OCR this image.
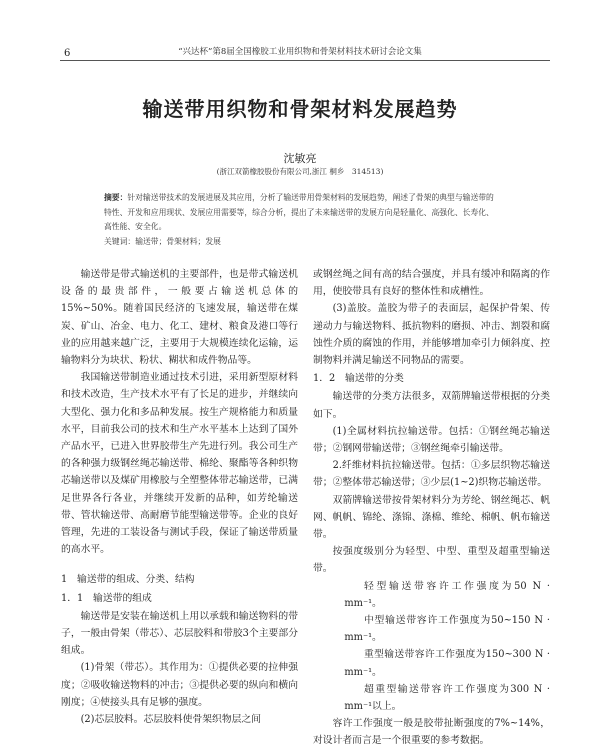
6	“兴达杯”第8届全国橡胶工业用织物和骨架材料技术研讨会论文集
输送带用织物和骨架材料发展趋势
沈敏亮
(浙江双箭橡胶股份有限公司,浙江 桐乡　314513)
摘要：针对输送带技术的发展进展及其应用，分析了输送带用骨架材料的发展趋势，阐述了骨架的典型与输送带的特性、开发和应用现状、发展应用需要等，综合分析，提出了未来输送带的发展方向是轻量化、高强化、长寿化、高性能、安全化。
关键词：输送带；骨架材料；发展

输送带是带式输送机的主要部件，也是带式输送机设备的最贵部件，一般要占输送机总体的15%~50%。随着国民经济的飞速发展，输送带在煤炭、矿山、冶金、电力、化工、建材、粮食及港口等行业的应用越来越广泛，主要用于大规模连续化运输，运输物料分为块状、粉状、糊状和成件物品等。

我国输送带制造业通过技术引进，采用新型原材料和技术改造，生产技术水平有了长足的进步，并继续向大型化、强力化和多品种发展。按生产规格能力和质量水平，目前我公司的技术和生产水平基本上达到了国外产品水平，已进入世界胶带生产先进行列。我公司生产的各种强力级钢丝绳芯输送带、棉纶、聚酯等各种织物芯输送带以及煤矿用橡胶与全塑整体带芯输送带，已满足世界各行各业，并继续开发新的品种，如芳纶输送带、管状输送带、高耐磨节能型输送带等。企业的良好管理，先进的工装设备与测试手段，保证了输送带质量的高水平。

1　输送带的组成、分类、结构
1．1　输送带的组成

输送带是安装在输送机上用以承载和输送物料的带子，一般由骨架（带芯）、芯层胶料和带胶3个主要部分组成。

(1)骨架（带芯）。其作用为：①提供必要的拉伸强度；②吸收输送物料的冲击；③提供必要的纵向和横向刚度；④使接头具有足够的强度。

(2)芯层胶料。芯层胶料使骨架织物层之间

或钢丝绳之间有高的结合强度，并具有缓冲和隔离的作用，使胶带具有良好的整体性和成槽性。

(3)盖胶。盖胶为带子的表面层，起保护骨架、传递动力与输送物料、抵抗物料的磨损、冲击、割裂和腐蚀性介质的腐蚀的作用，并能够增加牵引力倾斜度、控制物料并满足输送不同物品的需要。

1．2　输送带的分类

输送带的分类方法很多，双箭牌输送带根据的分类如下。

(1)全属材料抗拉输送带。包括：①钢丝绳芯输送带；②钢网带输送带；③钢丝绳牵引输送带。

2.纤维材料抗拉输送带。包括：①多层织物芯输送带；②整体带芯输送带；③少层(1~2)织物芯输送带。

双箭牌输送带按骨架材料分为芳纶、钢丝绳芯、帆网、帆帆、锦纶、涤锦、涤棉、维纶、棉帆、帆布输送带。

按强度级别分为轻型、中型、重型及超重型输送带。

轻型输送带容许工作强度为50 N · mm⁻¹。

中型输送带容许工作强度为50~150 N · mm⁻¹。

重型输送带容许工作强度为150~300 N · mm⁻¹。

超重型输送带容许工作强度为300 N · mm⁻¹以上。

容许工作强度一般是胶带扯断强度的7%~14%，对设计者而言是一个很重要的参考数据。
